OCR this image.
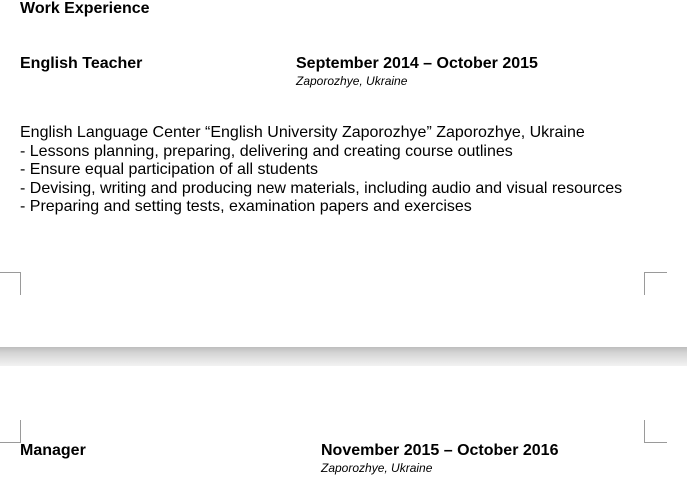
Work Experience
English Teacher	September 2014 – October 2015
Zaporozhye, Ukraine
English Language Center “English University Zaporozhye” Zaporozhye, Ukraine
- Lessons planning, preparing, delivering and creating course outlines
- Ensure equal participation of all students
- Devising, writing and producing new materials, including audio and visual resources
- Preparing and setting tests, examination papers and exercises
Manager	November 2015 – October 2016
Zaporozhye, Ukraine
